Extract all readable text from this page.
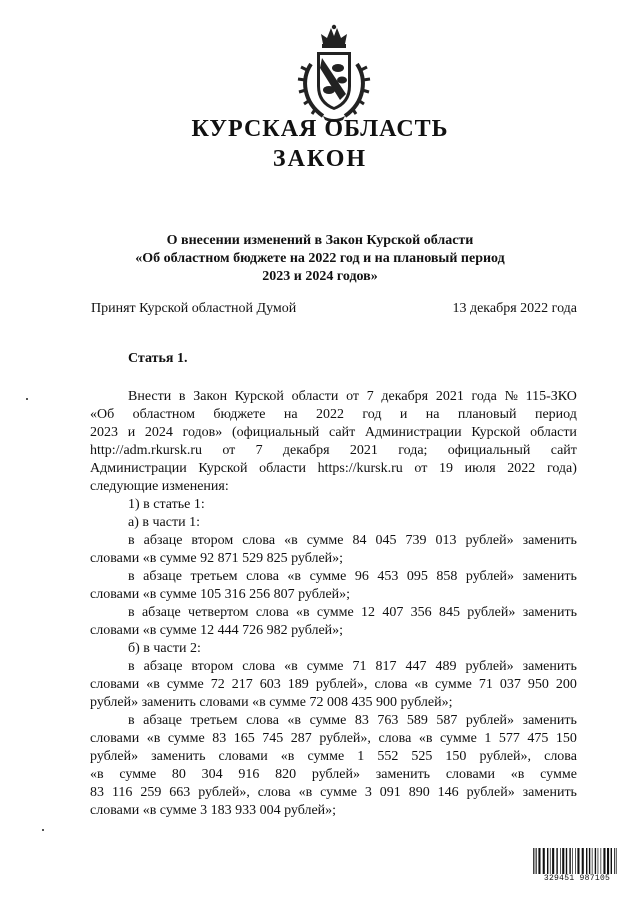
КУРСКАЯ ОБЛАСТЬ
ЗАКОН
О внесении изменений в Закон Курской области
«Об областном бюджете на 2022 год и на плановый период
2023 и 2024 годов»
Принят Курской областной Думой	13 декабря 2022 года
Статья 1.
Внести в Закон Курской области от 7 декабря 2021 года № 115-ЗКО
«Об областном бюджете на 2022 год и на плановый период
2023 и 2024 годов» (официальный сайт Администрации Курской области
http://adm.rkursk.ru от 7 декабря 2021 года; официальный сайт
Администрации Курской области https://kursk.ru от 19 июля 2022 года)
следующие изменения:
1) в статье 1:
а) в части 1:
в абзаце втором слова «в сумме 84 045 739 013 рублей» заменить
словами «в сумме 92 871 529 825 рублей»;
в абзаце третьем слова «в сумме 96 453 095 858 рублей» заменить
словами «в сумме 105 316 256 807 рублей»;
в абзаце четвертом слова «в сумме 12 407 356 845 рублей» заменить
словами «в сумме 12 444 726 982 рублей»;
б) в части 2:
в абзаце втором слова «в сумме 71 817 447 489 рублей» заменить
словами «в сумме 72 217 603 189 рублей», слова «в сумме 71 037 950 200
рублей» заменить словами «в сумме 72 008 435 900 рублей»;
в абзаце третьем слова «в сумме 83 763 589 587 рублей» заменить
словами «в сумме 83 165 745 287 рублей», слова «в сумме 1 577 475 150
рублей» заменить словами «в сумме 1 552 525 150 рублей», слова
«в сумме 80 304 916 820 рублей» заменить словами «в сумме
83 116 259 663 рублей», слова «в сумме 3 091 890 146 рублей» заменить
словами «в сумме 3 183 933 004 рублей»;
329451 987105
